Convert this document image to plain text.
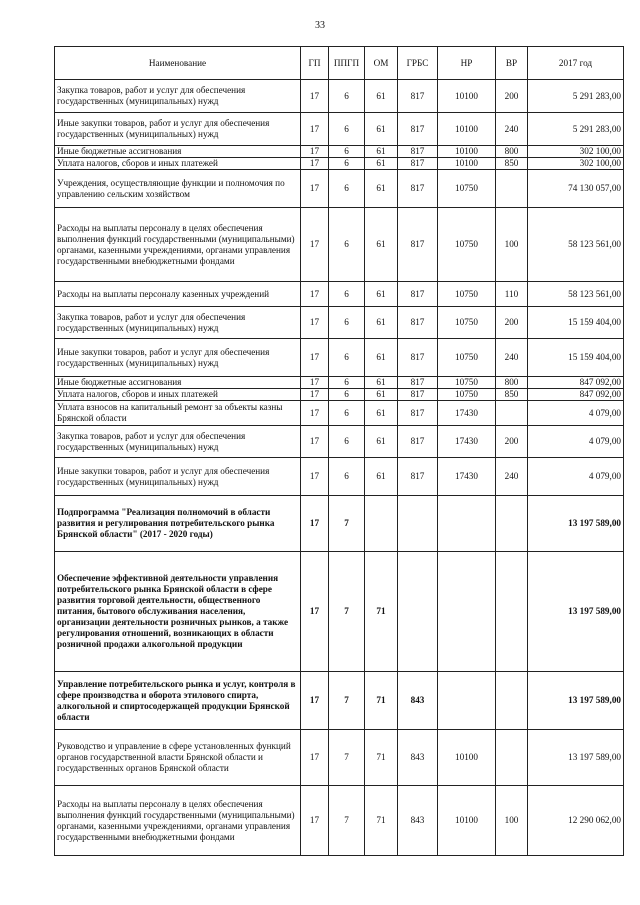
33
Наименование	ГП	ППГП	ОМ	ГРБС	НР	ВР	2017 год
Закупка товаров, работ и услуг для обеспечения государственных (муниципальных) нужд	17	6	61	817	10100	200	5 291 283,00
Иные закупки товаров, работ и услуг для обеспечения государственных (муниципальных) нужд	17	6	61	817	10100	240	5 291 283,00
Иные бюджетные ассигнования	17	6	61	817	10100	800	302 100,00
Уплата налогов, сборов и иных платежей	17	6	61	817	10100	850	302 100,00
Учреждения, осуществляющие функции и полномочия по управлению сельским хозяйством	17	6	61	817	10750		74 130 057,00
Расходы на выплаты персоналу в целях обеспечения выполнения функций государственными (муниципальными) органами, казенными учреждениями, органами управления государственными внебюджетными фондами	17	6	61	817	10750	100	58 123 561,00
Расходы на выплаты персоналу казенных учреждений	17	6	61	817	10750	110	58 123 561,00
Закупка товаров, работ и услуг для обеспечения государственных (муниципальных) нужд	17	6	61	817	10750	200	15 159 404,00
Иные закупки товаров, работ и услуг для обеспечения государственных (муниципальных) нужд	17	6	61	817	10750	240	15 159 404,00
Иные бюджетные ассигнования	17	6	61	817	10750	800	847 092,00
Уплата налогов, сборов и иных платежей	17	6	61	817	10750	850	847 092,00
Уплата взносов на капитальный ремонт за объекты казны Брянской области	17	6	61	817	17430		4 079,00
Закупка товаров, работ и услуг для обеспечения государственных (муниципальных) нужд	17	6	61	817	17430	200	4 079,00
Иные закупки товаров, работ и услуг для обеспечения государственных (муниципальных) нужд	17	6	61	817	17430	240	4 079,00
Подпрограмма "Реализация полномочий в области развития и регулирования потребительского рынка Брянской области" (2017 - 2020 годы)	17	7					13 197 589,00
Обеспечение эффективной деятельности управления потребительского рынка Брянской области в сфере развития торговой деятельности, общественного питания, бытового обслуживания населения, организации деятельности розничных рынков, а также регулирования отношений, возникающих в области розничной продажи алкогольной продукции	17	7	71				13 197 589,00
Управление потребительского рынка и услуг, контроля в сфере производства и оборота этилового спирта, алкогольной и спиртосодержащей продукции Брянской области	17	7	71	843			13 197 589,00
Руководство и управление в сфере установленных функций органов государственной власти Брянской области и государственных органов Брянской области	17	7	71	843	10100		13 197 589,00
Расходы на выплаты персоналу в целях обеспечения выполнения функций государственными (муниципальными) органами, казенными учреждениями, органами управления государственными внебюджетными фондами	17	7	71	843	10100	100	12 290 062,00
